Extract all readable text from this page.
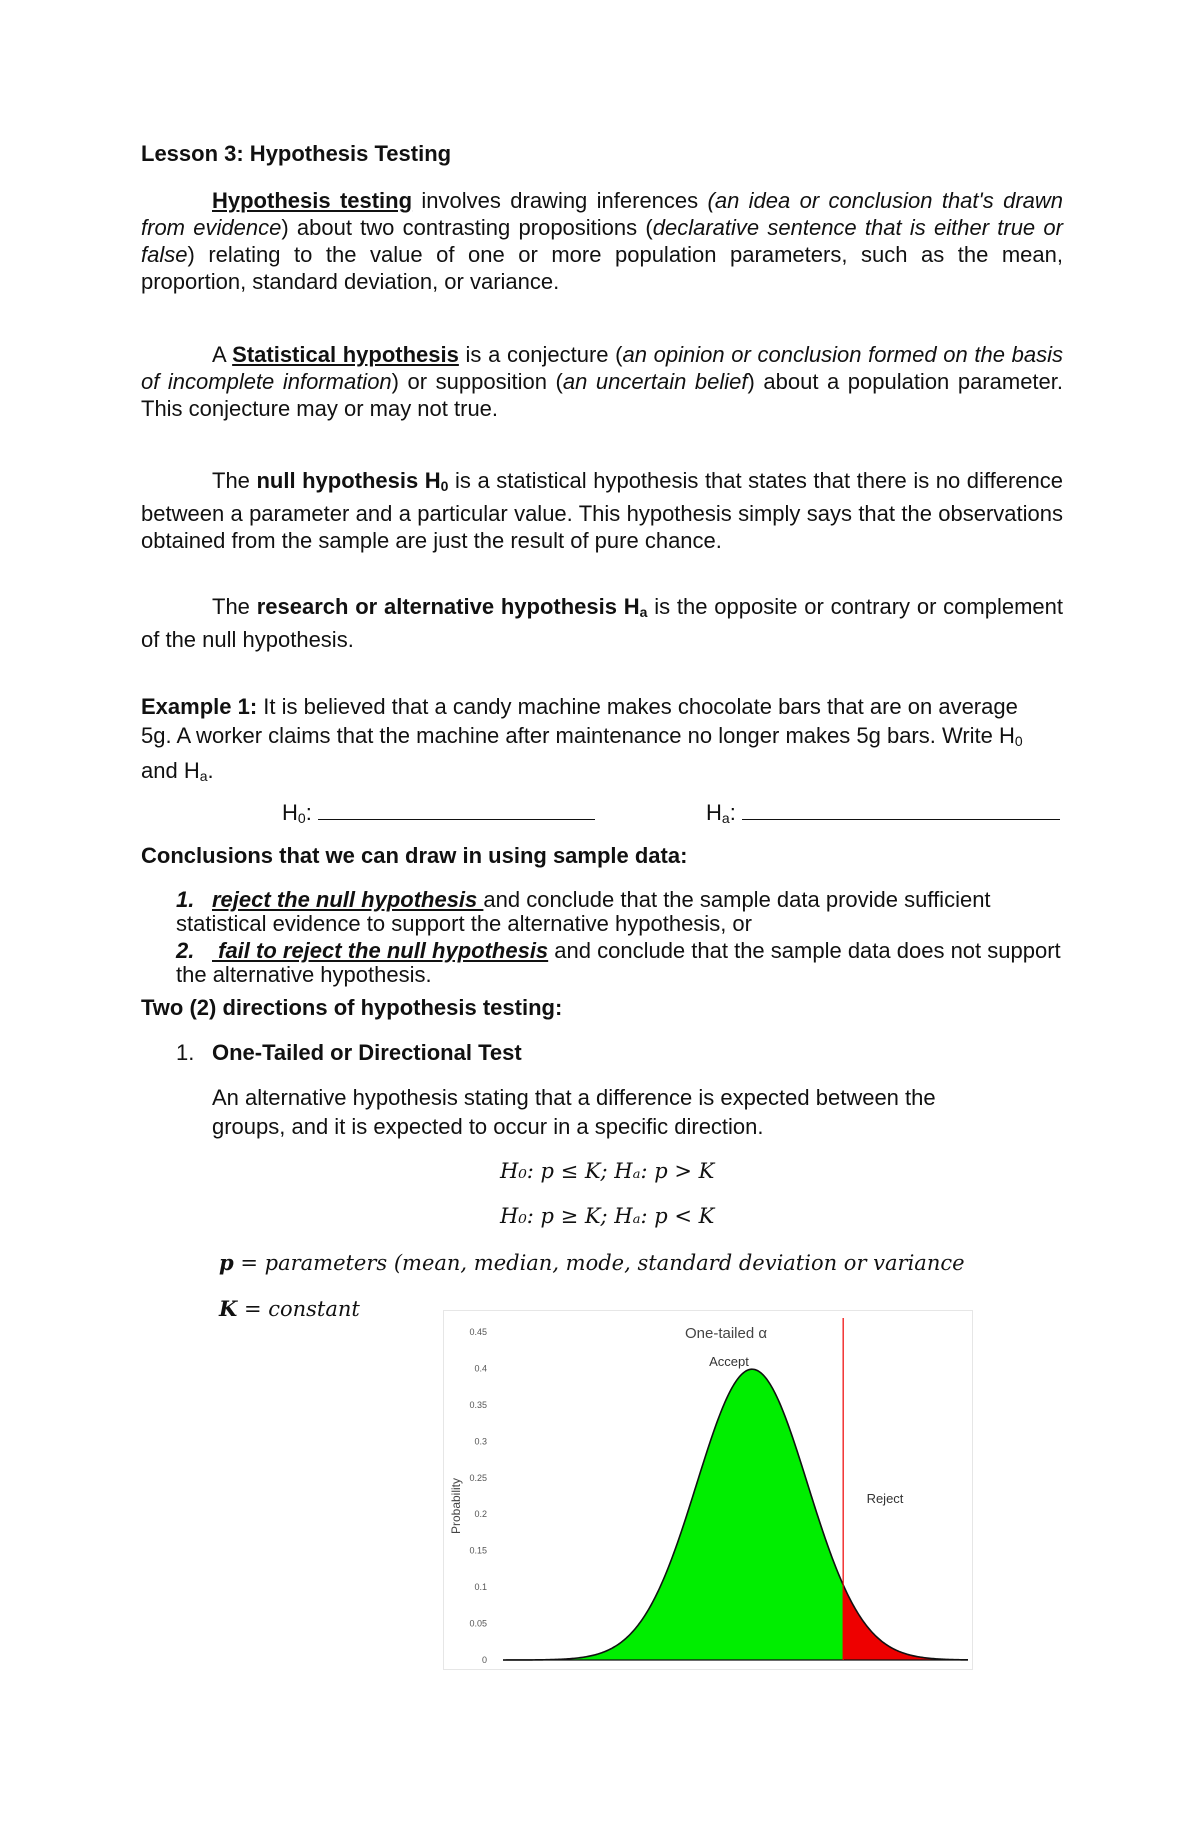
Lesson 3: Hypothesis Testing
Hypothesis testing involves drawing inferences (an idea or conclusion that's drawn from evidence) about two contrasting propositions (declarative sentence that is either true or false) relating to the value of one or more population parameters, such as the mean, proportion, standard deviation, or variance.
A Statistical hypothesis is a conjecture (an opinion or conclusion formed on the basis of incomplete information) or supposition (an uncertain belief) about a population parameter. This conjecture may or may not true.
The null hypothesis $H_0$ is a statistical hypothesis that states that there is no difference between a parameter and a particular value. This hypothesis simply says that the observations obtained from the sample are just the result of pure chance.
The research or alternative hypothesis $H_a$ is the opposite or contrary or complement of the null hypothesis.
Example 1: It is believed that a candy machine makes chocolate bars that are on average 5g. A worker claims that the machine after maintenance no longer makes 5g bars. Write $H_0$ and $H_a$.
$H_0$:	$H_a$:
Conclusions that we can draw in using sample data:
1. reject the null hypothesis and conclude that the sample data provide sufficient statistical evidence to support the alternative hypothesis, or
2. fail to reject the null hypothesis and conclude that the sample data does not support the alternative hypothesis.
Two (2) directions of hypothesis testing:
1. One-Tailed or Directional Test
An alternative hypothesis stating that a difference is expected between the groups, and it is expected to occur in a specific direction.
H₀: p ≤ K; Hₐ: p > K
H₀: p ≥ K; Hₐ: p < K
p = parameters (mean, median, mode, standard deviation or variance
K = constant
0.45
0.4
0.35
0.3
0.25
0.2
0.15
0.1
0.05
0
Probability
One-tailed α
Accept
Reject
